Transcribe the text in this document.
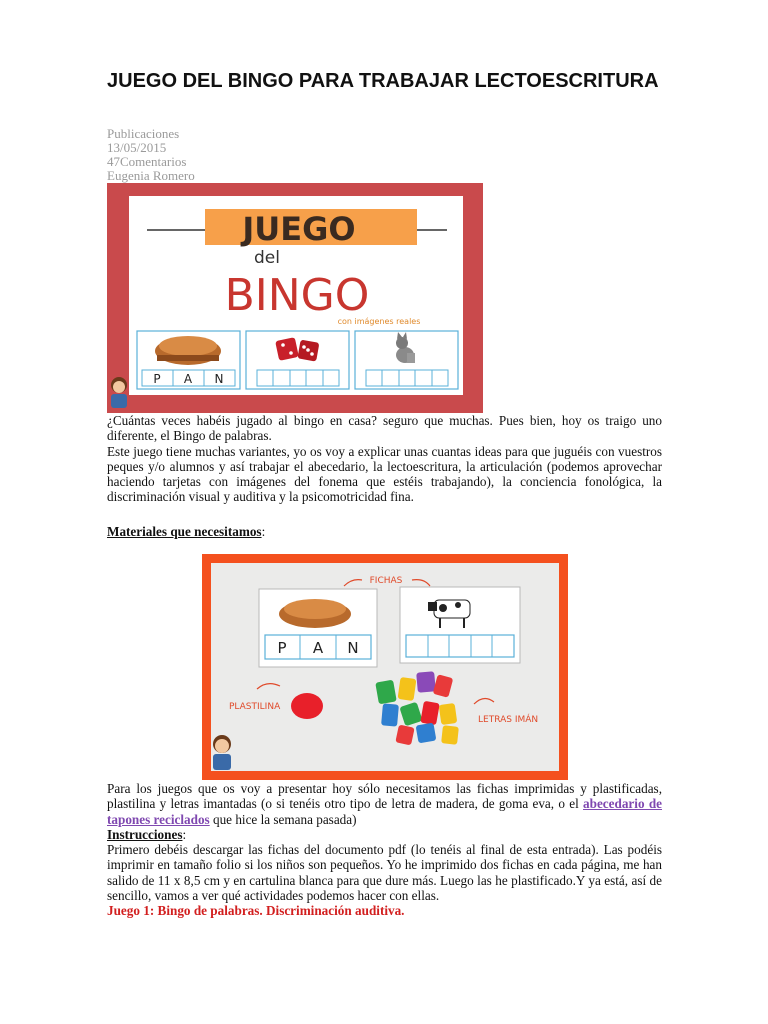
JUEGO DEL BINGO PARA TRABAJAR LECTOESCRITURA
Publicaciones
13/05/2015
47Comentarios
Eugenia Romero
JUEGO
del
BINGO
con imágenes reales
P A N

¿Cuántas veces habéis jugado al bingo en casa? seguro que muchas. Pues bien, hoy os traigo uno diferente, el Bingo de palabras.
Este juego tiene muchas variantes, yo os voy a explicar unas cuantas ideas para que juguéis con vuestros peques y/o alumnos y así trabajar el abecedario, la lectoescritura, la articulación (podemos aprovechar haciendo tarjetas con imágenes del fonema que estéis trabajando), la conciencia fonológica, la discriminación visual y auditiva y la psicomotricidad fina.

Materiales que necesitamos:

P A N
FICHAS
PLASTILINA
LETRAS IMÁN

Para los juegos que os voy a presentar hoy sólo necesitamos las fichas imprimidas y plastificadas, plastilina y letras imantadas (o si tenéis otro tipo de letra de madera, de goma eva, o el abecedario de tapones reciclados que hice la semana pasada)
Instrucciones:
Primero debéis descargar las fichas del documento pdf (lo tenéis al final de esta entrada). Las podéis imprimir en tamaño folio si los niños son pequeños. Yo he imprimido dos fichas en cada página, me han salido de 11 x 8,5 cm y en cartulina blanca para que dure más. Luego las he plastificado.Y ya está, así de sencillo, vamos a ver qué actividades podemos hacer con ellas.
Juego 1: Bingo de palabras. Discriminación auditiva.
